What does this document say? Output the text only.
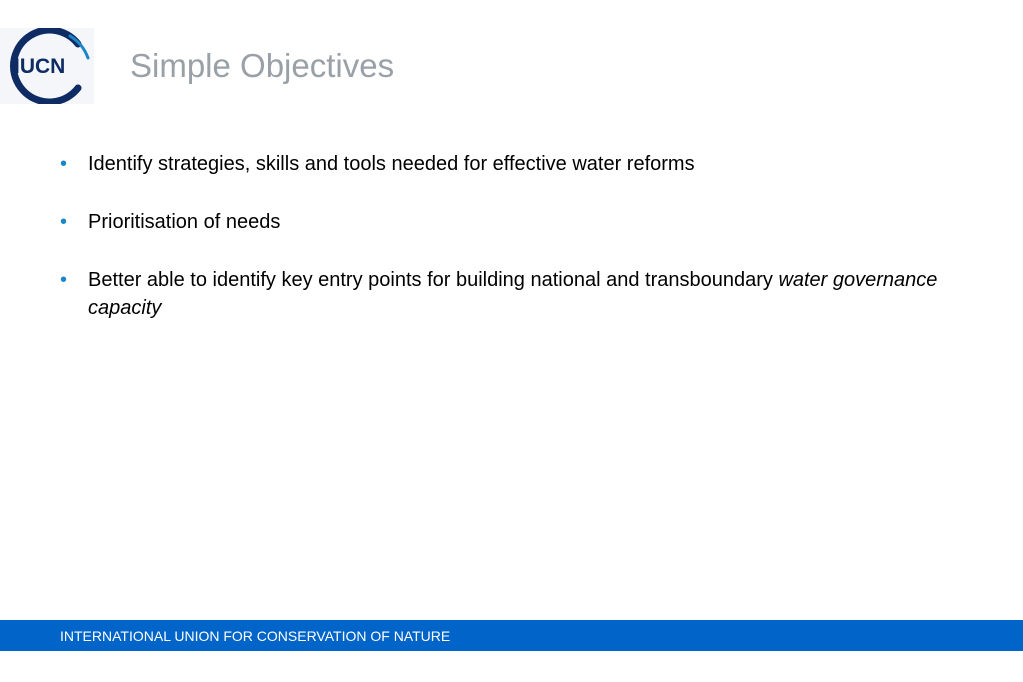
IUCN	Simple Objectives
•	Identify strategies, skills and tools needed for effective water reforms
•	Prioritisation of needs
•	Better able to identify key entry points for building national and transboundary water governance capacity
INTERNATIONAL UNION FOR CONSERVATION OF NATURE
